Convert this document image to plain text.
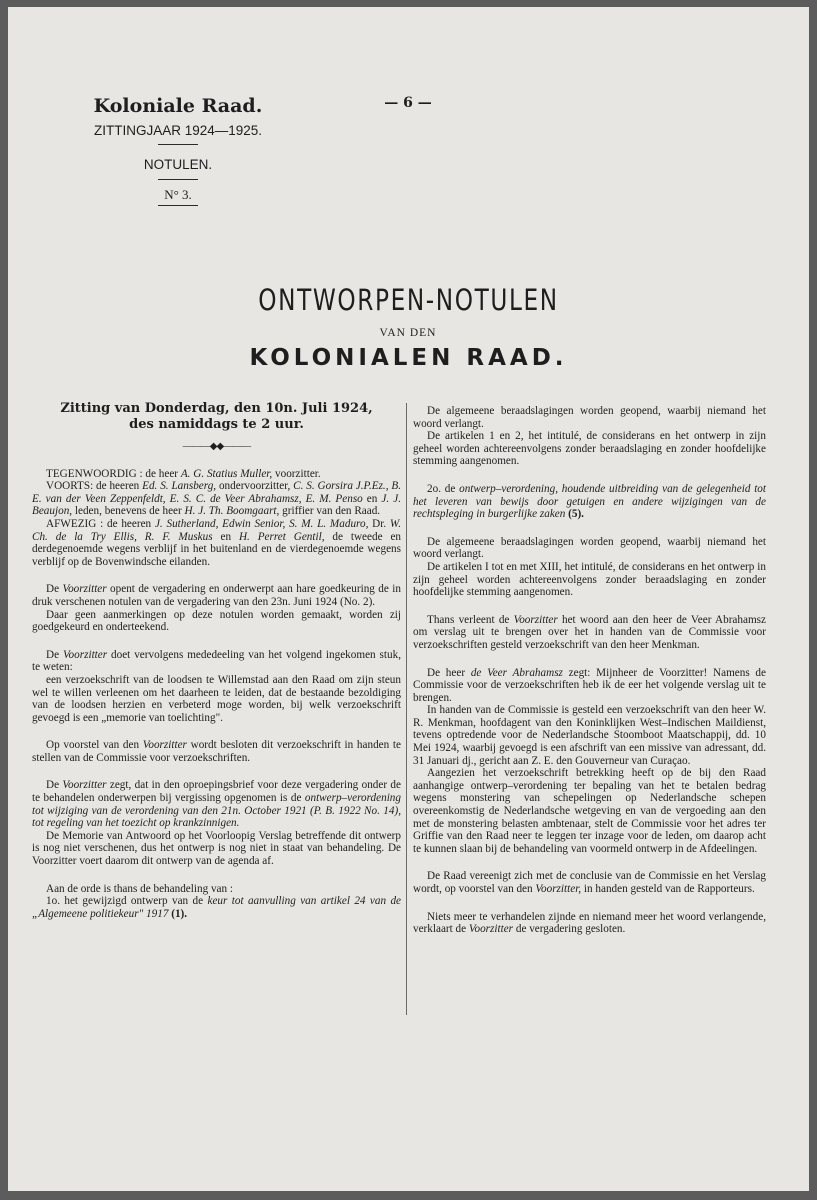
Koloniale Raad.
ZITTINGJAAR 1924—1925.
— 6 —
NOTULEN.
N° 3.
ONTWORPEN-NOTULEN
VAN DEN
KOLONIALEN RAAD.
Zitting van Donderdag, den 10n. Juli 1924,
des namiddags te 2 uur.
———◆◆———

TEGENWOORDIG : de heer A. G. Statius Muller, voorzitter.

VOORTS: de heeren Ed. S. Lansberg, ondervoorzitter, C. S. Gorsira J.P.Ez., B. E. van der Veen Zeppenfeldt, E. S. C. de Veer Abrahamsz, E. M. Penso en J. J. Beaujon, leden, benevens de heer H. J. Th. Boomgaart, griffier van den Raad.

AFWEZIG : de heeren J. Sutherland, Edwin Senior, S. M. L. Maduro, Dr. W. Ch. de la Try Ellis, R. F. Muskus en H. Perret Gentil, de tweede en derdegenoemde wegens verblijf in het buitenland en de vierdegenoemde wegens verblijf op de Bovenwindsche eilanden.

De Voorzitter opent de vergadering en onderwerpt aan hare goedkeuring de in druk verschenen notulen van de vergadering van den 23n. Juni 1924 (No. 2).

Daar geen aanmerkingen op deze notulen worden gemaakt, worden zij goedgekeurd en onderteekend.

De Voorzitter doet vervolgens mededeeling van het volgend ingekomen stuk, te weten:

een verzoekschrift van de loodsen te Willemstad aan den Raad om zijn steun wel te willen verleenen om het daarheen te leiden, dat de bestaande bezoldiging van de loodsen herzien en verbeterd moge worden, bij welk verzoekschrift gevoegd is een „memorie van toelichting".

Op voorstel van den Voorzitter wordt besloten dit verzoekschrift in handen te stellen van de Commissie voor verzoekschriften.

De Voorzitter zegt, dat in den oproepingsbrief voor deze vergadering onder de te behandelen onderwerpen bij vergissing opgenomen is de ontwerp–verordening tot wijziging van de verordening van den 21n. October 1921 (P. B. 1922 No. 14), tot regeling van het toezicht op krankzinnigen.

De Memorie van Antwoord op het Voorloopig Verslag betreffende dit ontwerp is nog niet verschenen, dus het ontwerp is nog niet in staat van behandeling. De Voorzitter voert daarom dit ontwerp van de agenda af.

Aan de orde is thans de behandeling van :

1o. het gewijzigd ontwerp van de keur tot aanvulling van artikel 24 van de „Algemeene politiekeur" 1917 (1).

De algemeene beraadslagingen worden geopend, waarbij niemand het woord verlangt.

De artikelen 1 en 2, het intitulé, de considerans en het ontwerp in zijn geheel worden achtereenvolgens zonder beraadslaging en zonder hoofdelijke stemming aangenomen.

2o. de ontwerp–verordening, houdende uitbreiding van de gelegenheid tot het leveren van bewijs door getuigen en andere wijzigingen van de rechtspleging in burgerlijke zaken (5).

De algemeene beraadslagingen worden geopend, waarbij niemand het woord verlangt.

De artikelen I tot en met XIII, het intitulé, de considerans en het ontwerp in zijn geheel worden achtereenvolgens zonder beraadslaging en zonder hoofdelijke stemming aangenomen.

Thans verleent de Voorzitter het woord aan den heer de Veer Abrahamsz om verslag uit te brengen over het in handen van de Commissie voor verzoekschriften gesteld verzoekschrift van den heer Menkman.

De heer de Veer Abrahamsz zegt: Mijnheer de Voorzitter! Namens de Commissie voor de verzoekschriften heb ik de eer het volgende verslag uit te brengen.

In handen van de Commissie is gesteld een verzoekschrift van den heer W. R. Menkman, hoofdagent van den Koninklijken West–Indischen Maildienst, tevens optredende voor de Nederlandsche Stoomboot Maatschappij, dd. 10 Mei 1924, waarbij gevoegd is een afschrift van een missive van adressant, dd. 31 Januari dj., gericht aan Z. E. den Gouverneur van Curaçao.

Aangezien het verzoekschrift betrekking heeft op de bij den Raad aanhangige ontwerp–verordening ter bepaling van het te betalen bedrag wegens monstering van schepelingen op Nederlandsche schepen overeenkomstig de Nederlandsche wetgeving en van de vergoeding aan den met de monstering belasten ambtenaar, stelt de Commissie voor het adres ter Griffie van den Raad neer te leggen ter inzage voor de leden, om daarop acht te kunnen slaan bij de behandeling van voormeld ontwerp in de Afdeelingen.

De Raad vereenigt zich met de conclusie van de Commissie en het Verslag wordt, op voorstel van den Voorzitter, in handen gesteld van de Rapporteurs.

Niets meer te verhandelen zijnde en niemand meer het woord verlangende, verklaart de Voorzitter de vergadering gesloten.
